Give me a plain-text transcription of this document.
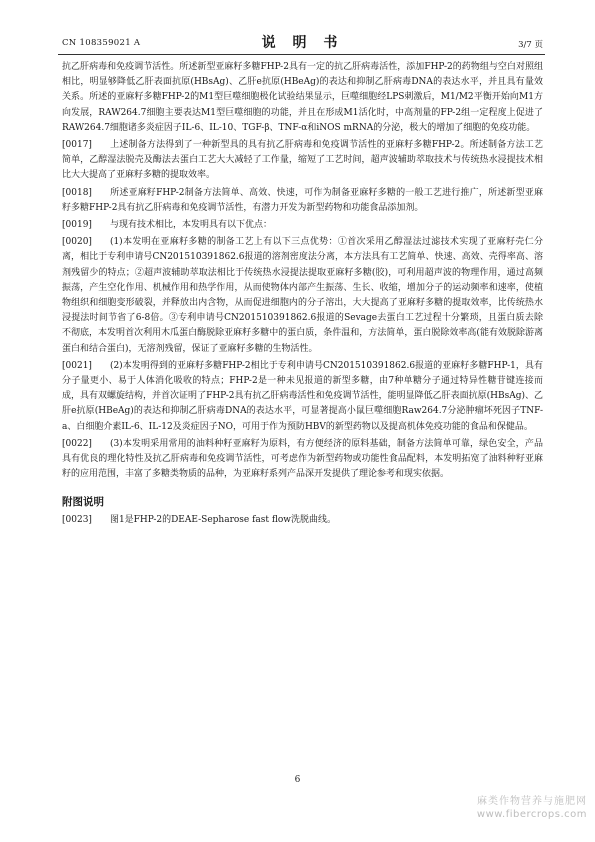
CN 108359021 A	说 明 书	3/7 页

抗乙肝病毒和免疫调节活性。所述新型亚麻籽多糖FHP-2具有一定的抗乙肝病毒活性，添加FHP-2的药物组与空白对照组相比，明显够降低乙肝表面抗原(HBsAg)、乙肝e抗原(HBeAg)的表达和抑制乙肝病毒DNA的表达水平，并且具有量效关系。所述的亚麻籽多糖FHP-2的M1型巨噬细胞极化试验结果显示，巨噬细胞经LPS刺激后，M1/M2平衡开始向M1方向发展，RAW264.7细胞主要表达M1型巨噬细胞的功能，并且在形成M1活化时，中高剂量的FP-2组一定程度上促进了RAW264.7细胞诸多炎症因子IL-6、IL-10、TGF-β、TNF-α和iNOS mRNA的分泌，极大的增加了细胞的免疫功能。

[0017] 上述制备方法得到了一种新型具的具有抗乙肝病毒和免疫调节活性的亚麻籽多糖FHP-2。所述制备方法工艺简单，乙醇湿法脱壳及酶法去蛋白工艺大大减轻了工作量，缩短了工艺时间，超声波辅助萃取技术与传统热水浸提技术相比大大提高了亚麻籽多糖的提取效率。

[0018] 所述亚麻籽FHP-2制备方法简单、高效、快速，可作为制备亚麻籽多糖的一般工艺进行推广，所述新型亚麻籽多糖FHP-2具有抗乙肝病毒和免疫调节活性，有潜力开发为新型药物和功能食品添加剂。

[0019] 与现有技术相比，本发明具有以下优点：

[0020] (1)本发明在亚麻籽多糖的制备工艺上有以下三点优势：①首次采用乙醇湿法过滤技术实现了亚麻籽壳仁分离，相比于专利申请号CN201510391862.6报道的溶剂密度法分离，本方法具有工艺简单、快速、高效、壳得率高、溶剂残留少的特点；②超声波辅助萃取法相比于传统热水浸提法提取亚麻籽多糖(胶)，可利用超声波的物理作用，通过高频振荡，产生空化作用、机械作用和热学作用，从而使物体内部产生振荡、生长、收缩，增加分子的运动频率和速率，使植物组织和细胞变形破裂，并释放出内含物，从而促进细胞内的分子溶出，大大提高了亚麻籽多糖的提取效率，比传统热水浸提法时间节省了6-8倍。③专利申请号CN201510391862.6报道的Sevage去蛋白工艺过程十分繁琐，且蛋白质去除不彻底，本发明首次利用木瓜蛋白酶脱除亚麻籽多糖中的蛋白质，条件温和，方法简单，蛋白脱除效率高(能有效脱除游离蛋白和结合蛋白)，无溶剂残留，保证了亚麻籽多糖的生物活性。

[0021] (2)本发明得到的亚麻籽多糖FHP-2相比于专利申请号CN201510391862.6报道的亚麻籽多糖FHP-1，具有分子量更小、易于人体消化吸收的特点；FHP-2是一种未见报道的新型多糖，由7种单糖分子通过特异性糖苷键连接而成，具有双螺旋结构，并首次证明了FHP-2具有抗乙肝病毒活性和免疫调节活性，能明显降低乙肝表面抗原(HBsAg)、乙肝e抗原(HBeAg)的表达和抑制乙肝病毒DNA的表达水平，可显著提高小鼠巨噬细胞Raw264.7分泌肿瘤坏死因子TNF-a、白细胞介素IL-6、IL-12及炎症因子NO，可用于作为预防HBV的新型药物以及提高机体免疫功能的食品和保健品。

[0022] (3)本发明采用常用的油料种籽亚麻籽为原料，有方便经济的原料基础，制备方法简单可靠，绿色安全，产品具有优良的理化特性及抗乙肝病毒和免疫调节活性，可考虑作为新型药物或功能性食品配料，本发明拓宽了油料种籽亚麻籽的应用范围，丰富了多糖类物质的品种，为亚麻籽系列产品深开发提供了理论参考和现实依据。

附图说明

[0023] 图1是FHP-2的DEAE-Sepharose fast flow洗脱曲线。

6
麻类作物营养与施肥网
www.fibercrops.com
